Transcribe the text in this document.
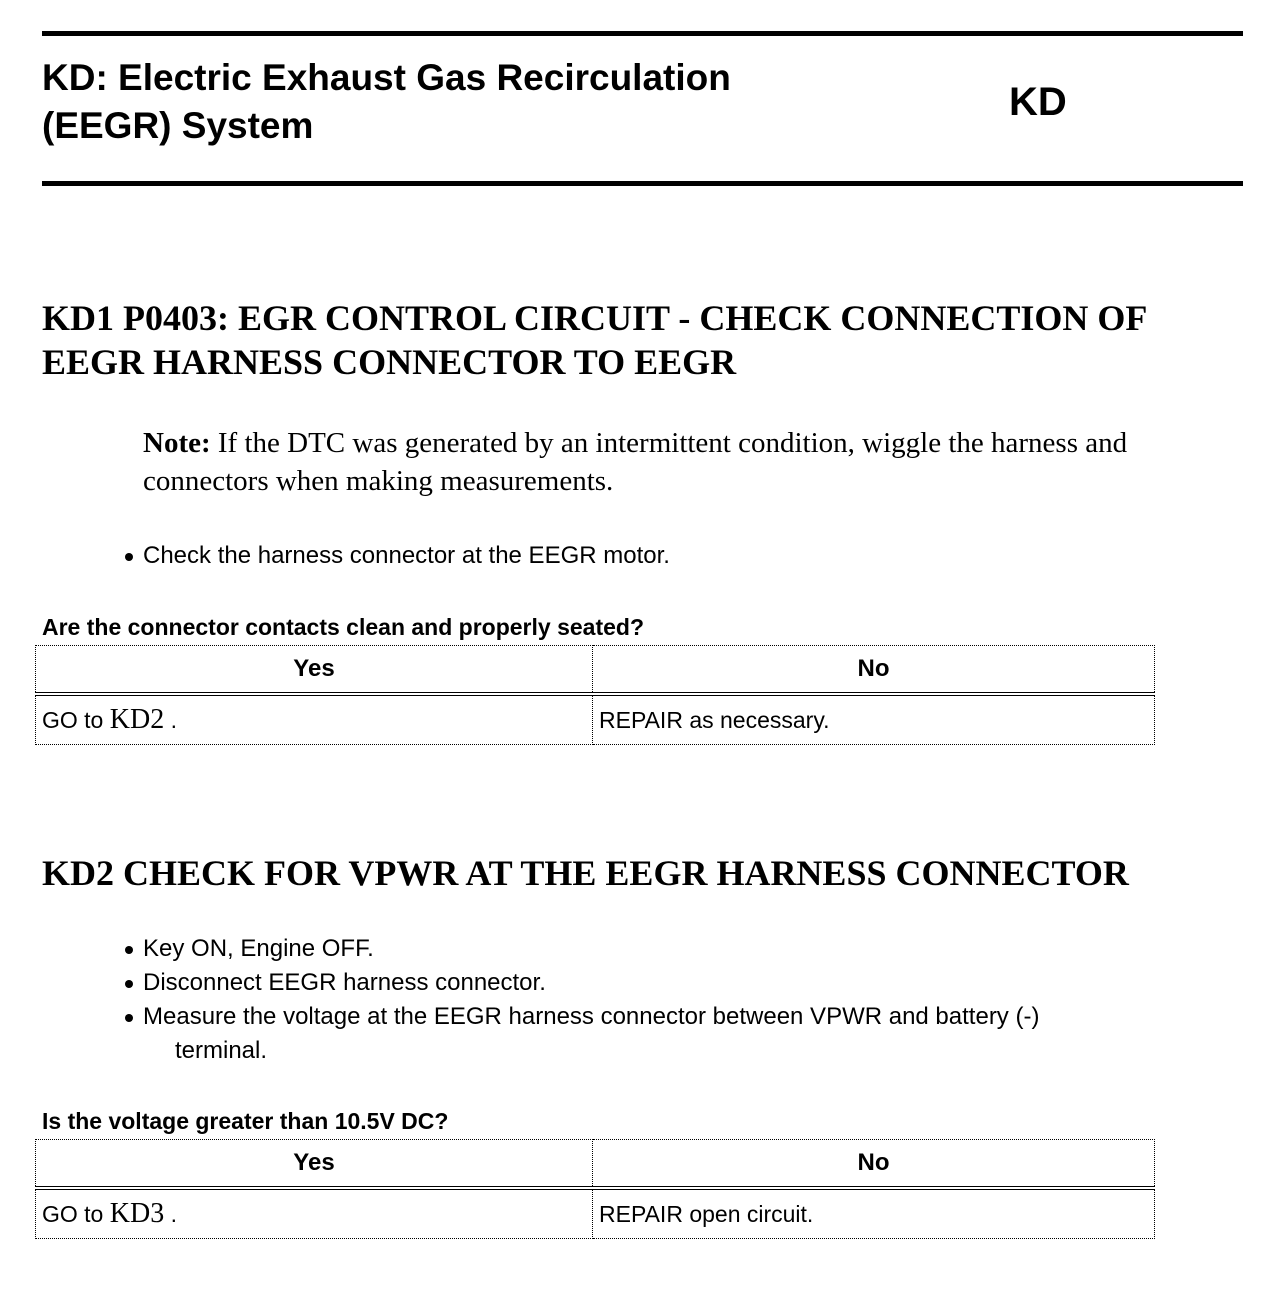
KD: Electric Exhaust Gas Recirculation
(EEGR) System
KD
KD1 P0403: EGR CONTROL CIRCUIT - CHECK CONNECTION OF
EEGR HARNESS CONNECTOR TO EEGR

Note: If the DTC was generated by an intermittent condition, wiggle the harness and connectors when making measurements.

Check the harness connector at the EEGR motor.
Are the connector contacts clean and properly seated?
Yes	No
GO to KD2 .	REPAIR as necessary.
KD2 CHECK FOR VPWR AT THE EEGR HARNESS CONNECTOR
Key ON, Engine OFF.
Disconnect EEGR harness connector.
Measure the voltage at the EEGR harness connector between VPWR and battery (-)
terminal.
Is the voltage greater than 10.5V DC?
Yes	No
GO to KD3 .	REPAIR open circuit.
